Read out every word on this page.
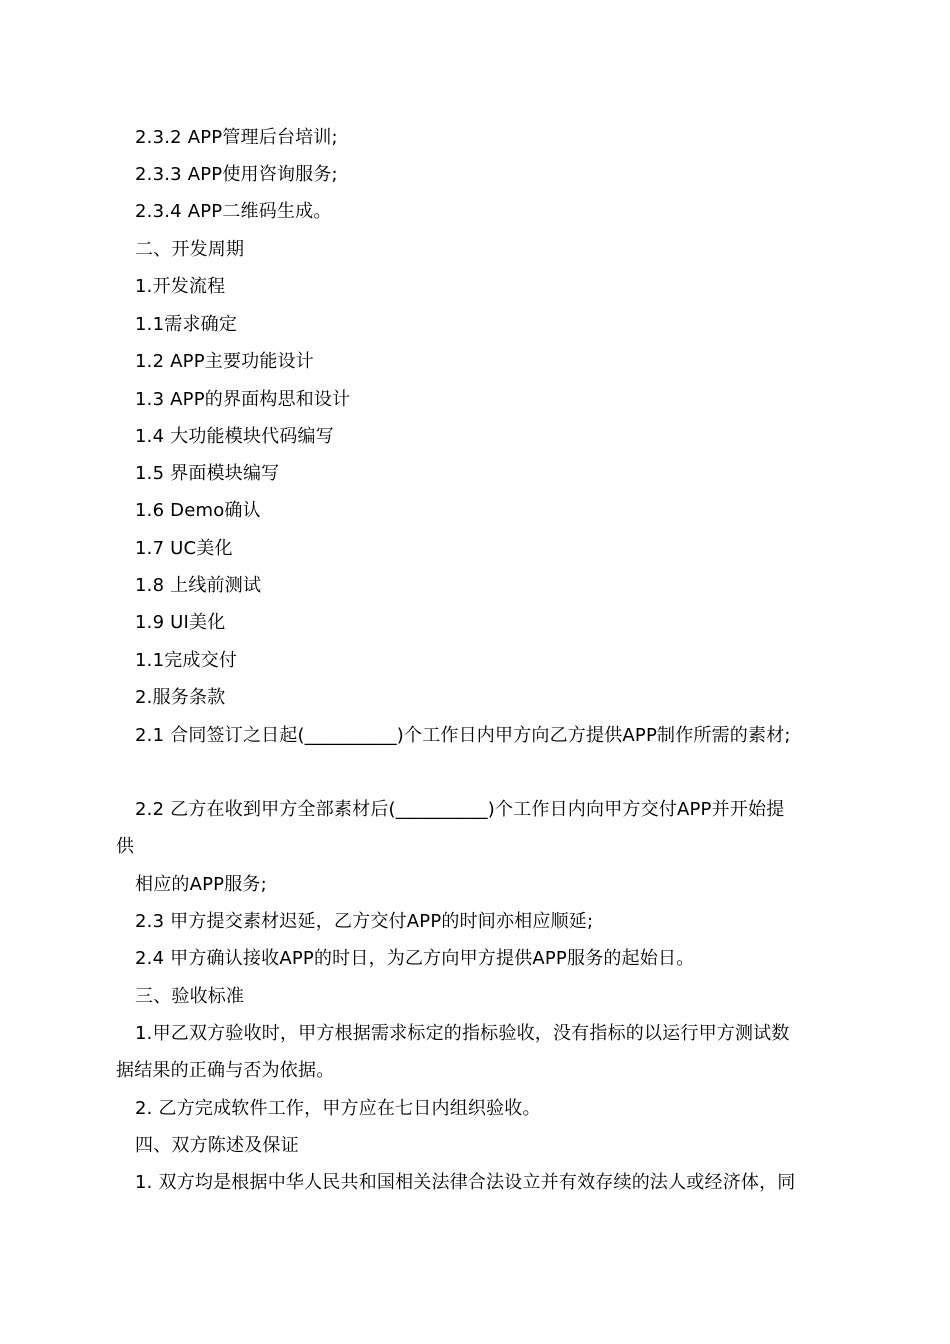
2.3.2 APP管理后台培训;
2.3.3 APP使用咨询服务;
2.3.4 APP二维码生成。
二、开发周期
1.开发流程
1.1需求确定
1.2 APP主要功能设计
1.3 APP的界面构思和设计
1.4 大功能模块代码编写
1.5 界面模块编写
1.6 Demo确认
1.7 UC美化
1.8 上线前测试
1.9 UI美化
1.1完成交付
2.服务条款
2.1 合同签订之日起(__________)个工作日内甲方向乙方提供APP制作所需的素材;
2.2 乙方在收到甲方全部素材后(__________)个工作日内向甲方交付APP并开始提
供
相应的APP服务;
2.3 甲方提交素材迟延，乙方交付APP的时间亦相应顺延;
2.4 甲方确认接收APP的时日，为乙方向甲方提供APP服务的起始日。
三、验收标准
1.甲乙双方验收时，甲方根据需求标定的指标验收，没有指标的以运行甲方测试数
据结果的正确与否为依据。
2. 乙方完成软件工作，甲方应在七日内组织验收。
四、双方陈述及保证
1. 双方均是根据中华人民共和国相关法律合法设立并有效存续的法人或经济体，同
